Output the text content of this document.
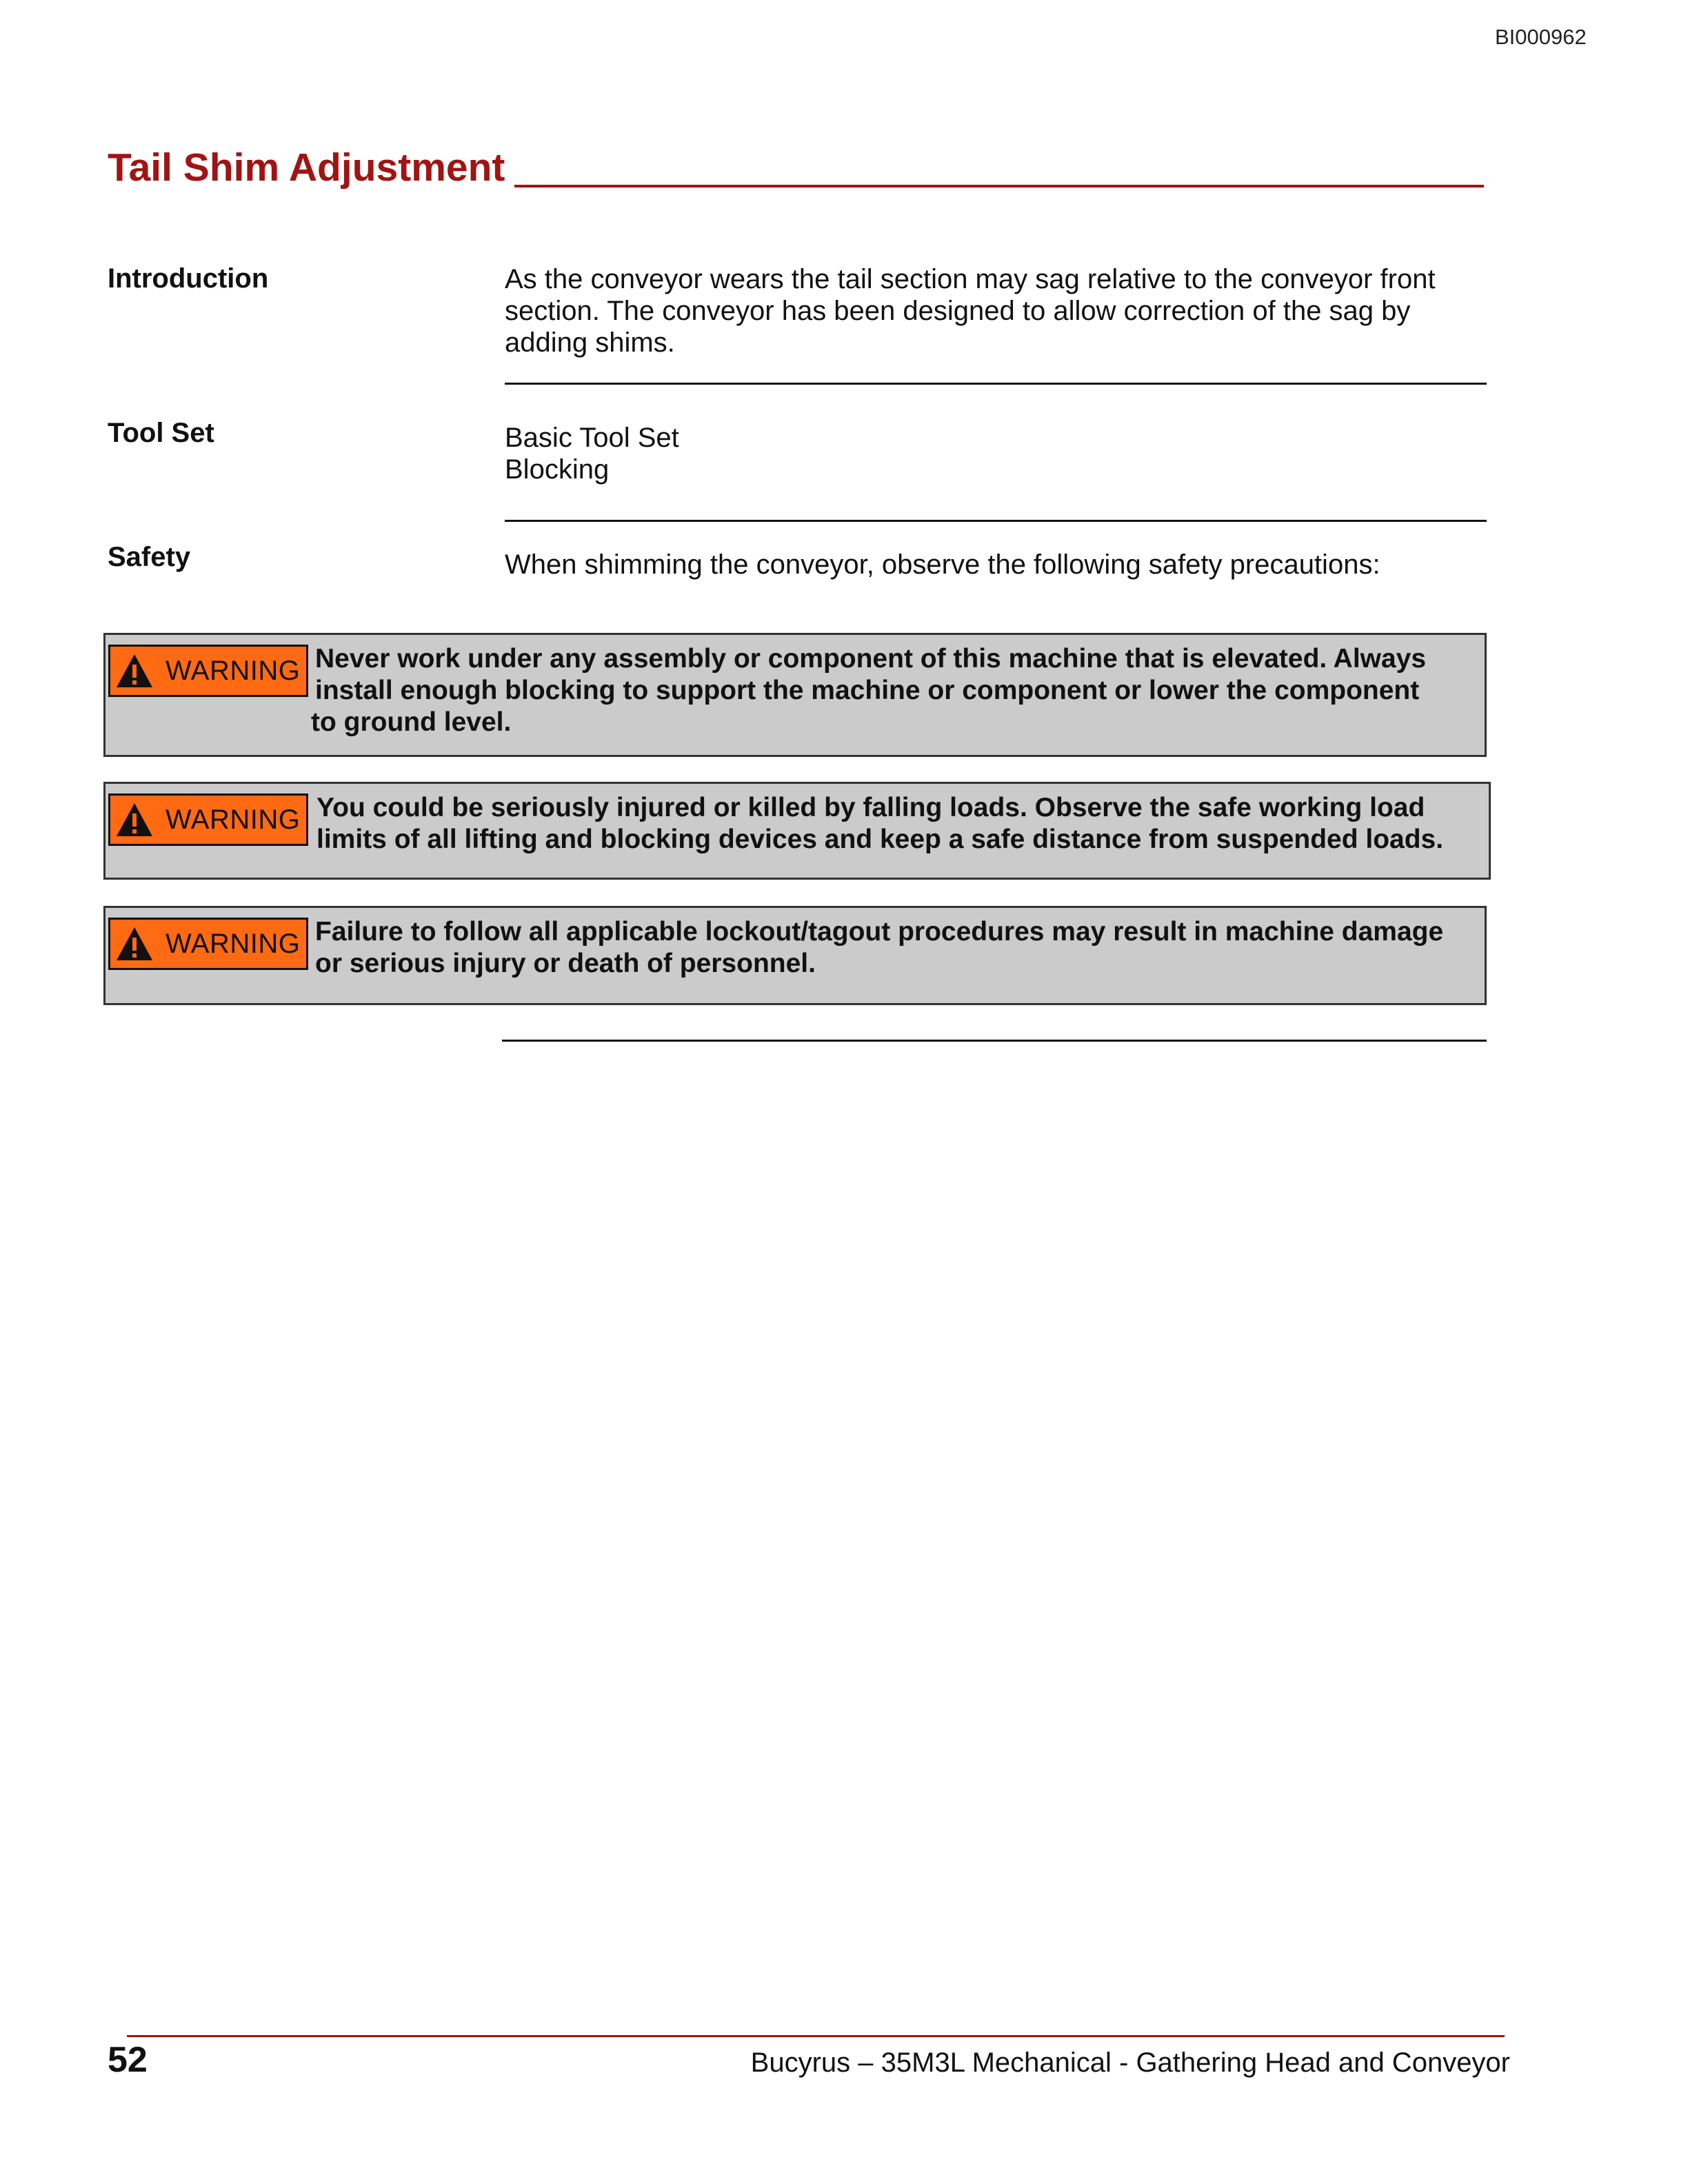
BI000962
Tail Shim Adjustment
Introduction	As the conveyor wears the tail section may sag relative to the conveyor front
section. The conveyor has been designed to allow correction of the sag by
adding shims.
Tool Set	Basic Tool Set
Blocking
Safety	When shimming the conveyor, observe the following safety precautions:
WARNING Never work under any assembly or component of this machine that is elevated. Always
install enough blocking to support the machine or component or lower the component
to ground level.
WARNING You could be seriously injured or killed by falling loads. Observe the safe working load
limits of all lifting and blocking devices and keep a safe distance from suspended loads.
WARNING Failure to follow all applicable lockout/tagout procedures may result in machine damage
or serious injury or death of personnel.
52	Bucyrus – 35M3L Mechanical - Gathering Head and Conveyor
